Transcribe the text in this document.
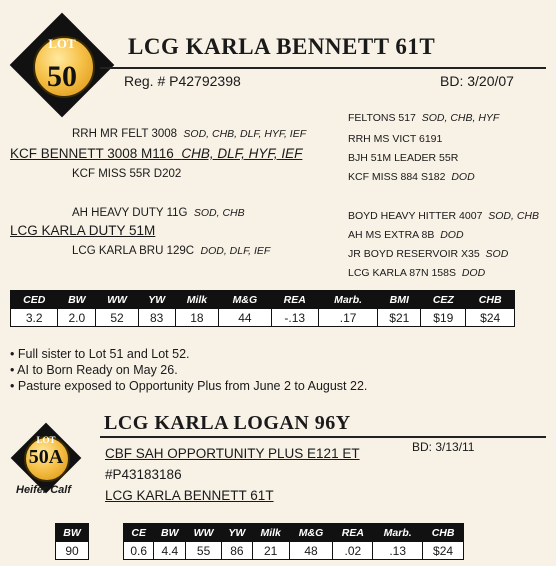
LOT
50
LCG KARLA BENNETT 61T
Reg. # P42792398	BD: 3/20/07
RRH MR FELT 3008 SOD, CHB, DLF, HYF, IEF
KCF BENNETT 3008 M116 CHB, DLF, HYF, IEF
KCF MISS 55R D202
AH HEAVY DUTY 11G SOD, CHB
LCG KARLA DUTY 51M
LCG KARLA BRU 129C DOD, DLF, IEF
FELTONS 517 SOD, CHB, HYF
RRH MS VICT 6191
BJH 51M LEADER 55R
KCF MISS 884 S182 DOD
BOYD HEAVY HITTER 4007 SOD, CHB
AH MS EXTRA 8B DOD
JR BOYD RESERVOIR X35 SOD
LCG KARLA 87N 158S DOD
CED	BW	WW	YW	Milk	M&G	REA	Marb.	BMI	CEZ	CHB
3.2	2.0	52	83	18	44	-.13	.17	$21	$19	$24
• Full sister to Lot 51 and Lot 52.
• AI to Born Ready on May 26.
• Pasture exposed to Opportunity Plus from June 2 to August 22.
LOT
50A
Heifer Calf
LCG KARLA LOGAN 96Y
BD: 3/13/11
CBF SAH OPPORTUNITY PLUS E121 ET
#P43183186
LCG KARLA BENNETT 61T
BW
90
CE	BW	WW	YW	Milk	M&G	REA	Marb.	CHB
0.6	4.4	55	86	21	48	.02	.13	$24
